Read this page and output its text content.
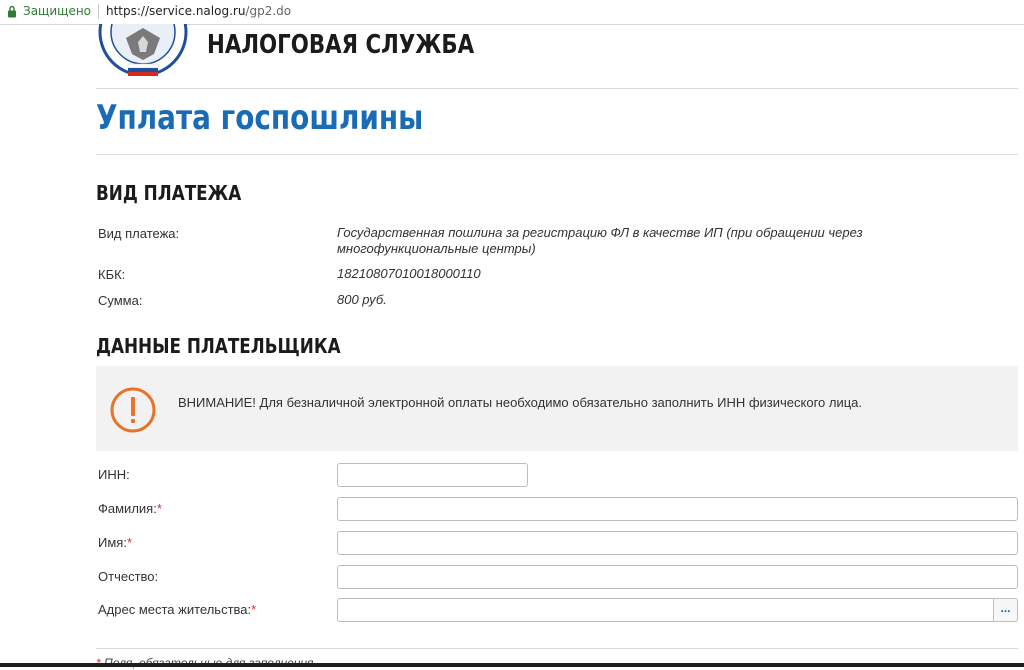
Защищено https://service.nalog.ru/gp2.do
НАЛОГОВАЯ СЛУЖБА
Уплата госпошлины
ВИД ПЛАТЕЖА
Вид платежа:	Государственная пошлина за регистрацию ФЛ в качестве ИП (при обращении через многофункциональные центры)
КБК:	18210807010018000110
Сумма:	800 руб.
ДАННЫЕ ПЛАТЕЛЬЩИКА
ВНИМАНИЕ! Для безналичной электронной оплаты необходимо обязательно заполнить ИНН физического лица.
ИНН:
Фамилия:*
Имя:*
Отчество:
Адрес места жительства:*	...
